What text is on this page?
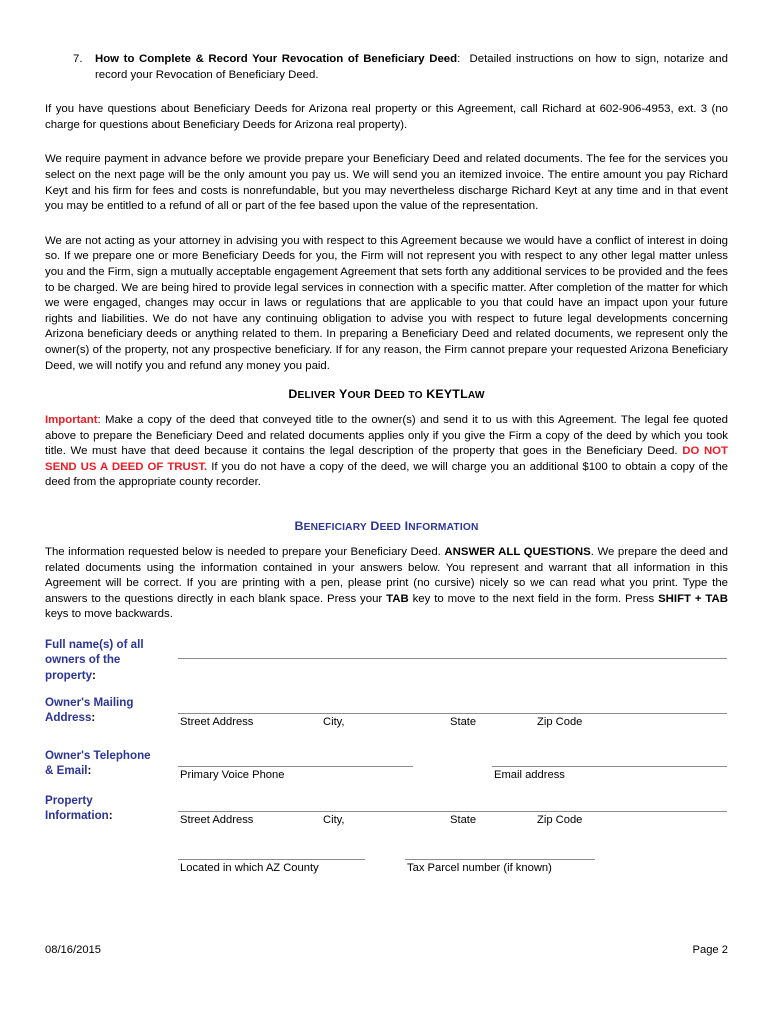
7.	How to Complete & Record Your Revocation of Beneficiary Deed: Detailed instructions on how to sign, notarize and record your Revocation of Beneficiary Deed.

If you have questions about Beneficiary Deeds for Arizona real property or this Agreement, call Richard at 602-906-4953, ext. 3 (no charge for questions about Beneficiary Deeds for Arizona real property).

We require payment in advance before we provide prepare your Beneficiary Deed and related documents. The fee for the services you select on the next page will be the only amount you pay us. We will send you an itemized invoice. The entire amount you pay Richard Keyt and his firm for fees and costs is nonrefundable, but you may nevertheless discharge Richard Keyt at any time and in that event you may be entitled to a refund of all or part of the fee based upon the value of the representation.

We are not acting as your attorney in advising you with respect to this Agreement because we would have a conflict of interest in doing so. If we prepare one or more Beneficiary Deeds for you, the Firm will not represent you with respect to any other legal matter unless you and the Firm, sign a mutually acceptable engagement Agreement that sets forth any additional services to be provided and the fees to be charged. We are being hired to provide legal services in connection with a specific matter. After completion of the matter for which we were engaged, changes may occur in laws or regulations that are applicable to you that could have an impact upon your future rights and liabilities. We do not have any continuing obligation to advise you with respect to future legal developments concerning Arizona beneficiary deeds or anything related to them. In preparing a Beneficiary Deed and related documents, we represent only the owner(s) of the property, not any prospective beneficiary. If for any reason, the Firm cannot prepare your requested Arizona Beneficiary Deed, we will notify you and refund any money you paid.

DELIVER YOUR DEED TO KEYTLAW

Important: Make a copy of the deed that conveyed title to the owner(s) and send it to us with this Agreement. The legal fee quoted above to prepare the Beneficiary Deed and related documents applies only if you give the Firm a copy of the deed by which you took title. We must have that deed because it contains the legal description of the property that goes in the Beneficiary Deed. DO NOT SEND US A DEED OF TRUST. If you do not have a copy of the deed, we will charge you an additional $100 to obtain a copy of the deed from the appropriate county recorder.

BENEFICIARY DEED INFORMATION

The information requested below is needed to prepare your Beneficiary Deed. ANSWER ALL QUESTIONS. We prepare the deed and related documents using the information contained in your answers below. You represent and warrant that all information in this Agreement will be correct. If you are printing with a pen, please print (no cursive) nicely so we can read what you print. Type the answers to the questions directly in each blank space. Press your TAB key to move to the next field in the form. Press SHIFT + TAB keys to move backwards.

Full name(s) of all
owners of the
property:
Owner's Mailing
Address:	Street Address	City,	State	Zip Code
Owner's Telephone
& Email:	Primary Voice Phone	Email address
Property
Information:	Street Address	City,	State	Zip Code
Located in which AZ County	Tax Parcel number (if known)
08/16/2015	Page 2
